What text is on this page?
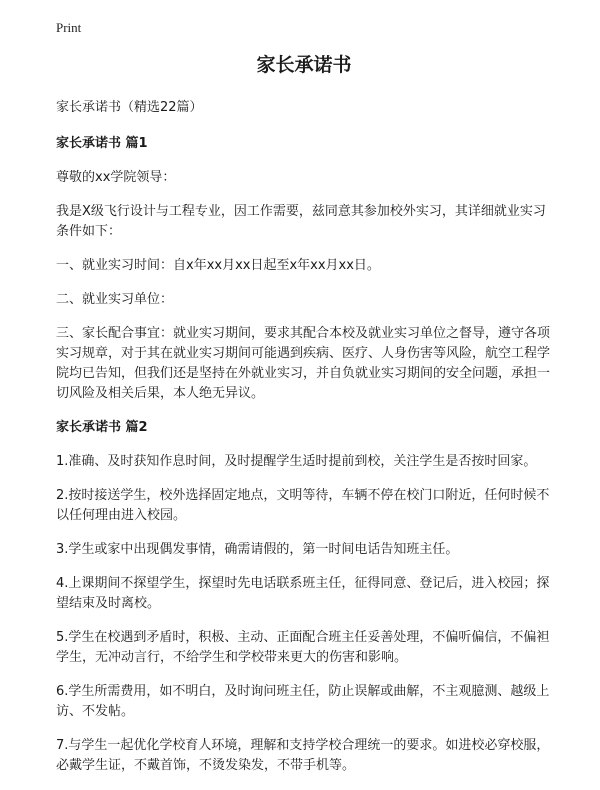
Print
家长承诺书

家长承诺书（精选22篇）

家长承诺书 篇1

尊敬的xx学院领导：

我是X级飞行设计与工程专业，因工作需要，兹同意其参加校外实习，其详细就业实习条件如下：

一、就业实习时间：自x年xx月xx日起至x年xx月xx日。

二、就业实习单位：

三、家长配合事宜：就业实习期间，要求其配合本校及就业实习单位之督导，遵守各项实习规章，对于其在就业实习期间可能遇到疾病、医疗、人身伤害等风险，航空工程学院均已告知，但我们还是坚持在外就业实习，并自负就业实习期间的安全问题，承担一切风险及相关后果，本人绝无异议。

家长承诺书 篇2

1.准确、及时获知作息时间，及时提醒学生适时提前到校，关注学生是否按时回家。

2.按时接送学生，校外选择固定地点，文明等待，车辆不停在校门口附近，任何时候不以任何理由进入校园。

3.学生或家中出现偶发事情，确需请假的，第一时间电话告知班主任。

4.上课期间不探望学生，探望时先电话联系班主任，征得同意、登记后，进入校园；探望结束及时离校。

5.学生在校遇到矛盾时，积极、主动、正面配合班主任妥善处理，不偏听偏信，不偏袒学生，无冲动言行，不给学生和学校带来更大的伤害和影响。

6.学生所需费用，如不明白，及时询问班主任，防止误解或曲解，不主观臆测、越级上访、不发帖。

7.与学生一起优化学校育人环境，理解和支持学校合理统一的要求。如进校必穿校服，必戴学生证，不戴首饰，不烫发染发，不带手机等。
